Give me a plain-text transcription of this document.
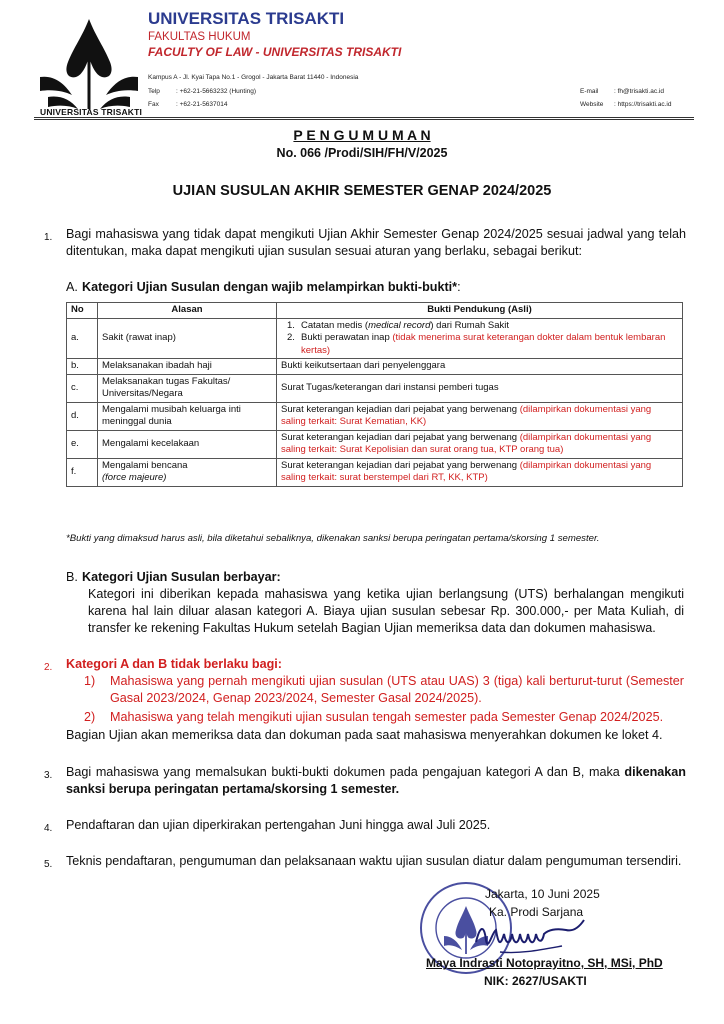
UNIVERSITAS TRISAKTI
UNIVERSITAS TRISAKTI
FAKULTAS HUKUM
FACULTY OF LAW - UNIVERSITAS TRISAKTI
Kampus A - Jl. Kyai Tapa No.1 - Grogol - Jakarta Barat 11440 - Indonesia
Telp : +62-21-5663232 (Hunting)
Fax	: +62-21-5637014
E-mail : fh@trisakti.ac.id
Website : https://trisakti.ac.id
P E N G U M U M A N
No. 066 /Prodi/SIH/FH/V/2025
UJIAN SUSULAN AKHIR SEMESTER GENAP 2024/2025
1. Bagi mahasiswa yang tidak dapat mengikuti Ujian Akhir Semester Genap 2024/2025 sesuai jadwal yang telah ditentukan, maka dapat mengikuti ujian susulan sesuai aturan yang berlaku, sebagai berikut:
A. Kategori Ujian Susulan dengan wajib melampirkan bukti-bukti*:
No	Alasan	Bukti Pendukung (Asli)
a.	Sakit (rawat inap)	1. Catatan medis (medical record) dari Rumah Sakit
2. Bukti perawatan inap (tidak menerima surat keterangan dokter dalam bentuk lembaran kertas)

b.	Melaksanakan ibadah haji	Bukti keikutsertaan dari penyelenggara
c.	Melaksanakan tugas Fakultas/ Universitas/Negara	Surat Tugas/keterangan dari instansi pemberi tugas
d.	Mengalami musibah keluarga inti meninggal dunia	Surat keterangan kejadian dari pejabat yang berwenang (dilampirkan dokumentasi yang saling terkait: Surat Kematian, KK)
e.	Mengalami kecelakaan	Surat keterangan kejadian dari pejabat yang berwenang (dilampirkan dokumentasi yang saling terkait: Surat Kepolisian dan surat orang tua, KTP orang tua)
f.	Mengalami bencana
(force majeure)	Surat keterangan kejadian dari pejabat yang berwenang (dilampirkan dokumentasi yang saling terkait: surat berstempel dari RT, KK, KTP)
*Bukti yang dimaksud harus asli, bila diketahui sebaliknya, dikenakan sanksi berupa peringatan pertama/skorsing 1 semester.
B. Kategori Ujian Susulan berbayar:
Kategori ini diberikan kepada mahasiswa yang ketika ujian berlangsung (UTS) berhalangan mengikuti karena hal lain diluar alasan kategori A. Biaya ujian susulan sebesar Rp. 300.000,- per Mata Kuliah, di transfer ke rekening Fakultas Hukum setelah Bagian Ujian memeriksa data dan dokumen mahasiswa.
2. Kategori A dan B tidak berlaku bagi:
1) Mahasiswa yang pernah mengikuti ujian susulan (UTS atau UAS) 3 (tiga) kali berturut-turut (Semester Gasal 2023/2024, Genap 2023/2024, Semester Gasal 2024/2025).
2) Mahasiswa yang telah mengikuti ujian susulan tengah semester pada Semester Genap 2024/2025.
Bagian Ujian akan memeriksa data dan dokuman pada saat mahasiswa menyerahkan dokumen ke loket 4.
3. Bagi mahasiswa yang memalsukan bukti-bukti dokumen pada pengajuan kategori A dan B, maka dikenakan sanksi berupa peringatan pertama/skorsing 1 semester.
4. Pendaftaran dan ujian diperkirakan pertengahan Juni hingga awal Juli 2025.
5. Teknis pendaftaran, pengumuman dan pelaksanaan waktu ujian susulan diatur dalam pengumuman tersendiri.
Jakarta, 10 Juni 2025
Ka. Prodi Sarjana
Maya Indrasti Notoprayitno, SH, MSi, PhD
NIK: 2627/USAKTI
